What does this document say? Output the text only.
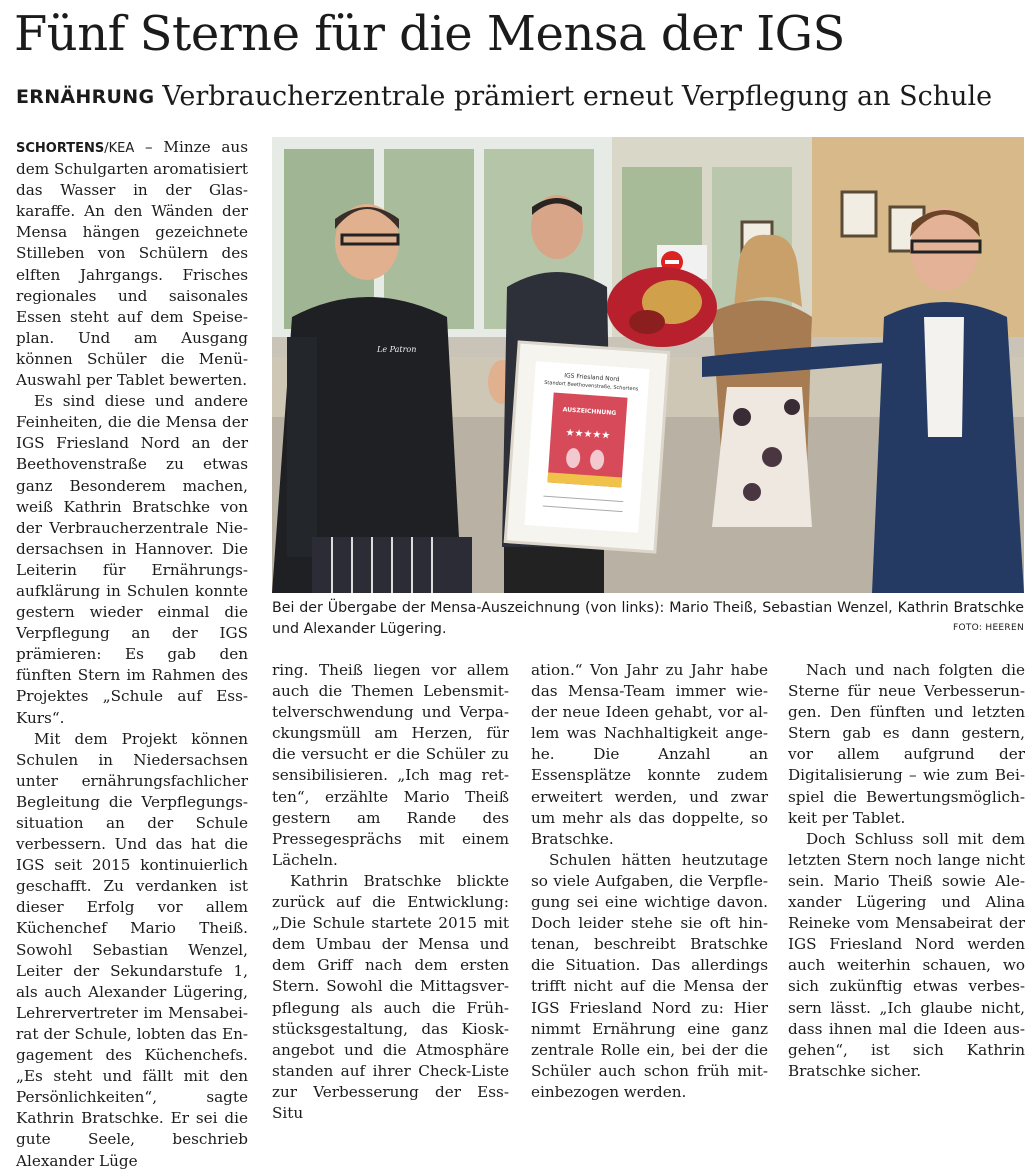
Fünf Sterne für die Mensa der IGS
ERNÄHRUNG Verbraucherzentrale prämiert erneut Verpflegung an Schule

SCHORTENS/KEA – Minze aus dem Schulgarten aromatisiert das Wasser in der Glaskaraffe. An den Wänden der Mensa hängen gezeichnete Stilleben von Schülern des elften Jahrgangs. Frisches regionales und saisonales Essen steht auf dem Speiseplan. Und am Ausgang können Schüler die Menü-Auswahl per Tablet bewerten.

Es sind diese und andere Feinheiten, die die Mensa der IGS Friesland Nord an der Beethovenstraße zu etwas ganz Besonderem machen, weiß Kathrin Bratschke von der Verbraucherzentrale Niedersachsen in Hannover. Die Leiterin für Ernährungsaufklärung in Schulen konnte gestern wieder einmal die Verpflegung an der IGS prämieren: Es gab den fünften Stern im Rahmen des Projektes „Schule auf Ess-Kurs“.

Mit dem Projekt können Schulen in Niedersachsen unter ernährungsfachlicher Begleitung die Verpflegungssituation an der Schule verbessern. Und das hat die IGS seit 2015 kontinuierlich geschafft. Zu verdanken ist dieser Erfolg vor allem Küchenchef Mario Theiß. Sowohl Sebastian Wenzel, Leiter der Sekundarstufe 1, als auch Alexander Lügering, Lehrervertreter im Mensabeirat der Schule, lobten das Engagement des Küchenchefs. „Es steht und fällt mit den Persönlichkeiten“, sagte Kathrin Bratschke. Er sei die gute Seele, beschrieb Alexander Lüge

Le Patron
IGS Friesland Nord
Standort Beethovenstraße, Schortens
AUSZEICHNUNG
★★★★★
Bei der Übergabe der Mensa-Auszeichnung (von links): Mario Theiß, Sebastian Wenzel, Kathrin Bratschke und Alexander Lügering.	FOTO: HEEREN

ring. Theiß liegen vor allem auch die Themen Lebensmittelverschwendung und Verpackungsmüll am Herzen, für die versucht er die Schüler zu sensibilisieren. „Ich mag retten“, erzählte Mario Theiß gestern am Rande des Pressegesprächs mit einem Lächeln.

Kathrin Bratschke blickte zurück auf die Entwicklung: „Die Schule startete 2015 mit dem Umbau der Mensa und dem Griff nach dem ersten Stern. Sowohl die Mittagsverpflegung als auch die Frühstücksgestaltung, das Kioskangebot und die Atmosphäre standen auf ihrer Check-Liste zur Verbesserung der Ess-Situ

ation.“ Von Jahr zu Jahr habe das Mensa-Team immer wieder neue Ideen gehabt, vor allem was Nachhaltigkeit angehe. Die Anzahl an Essensplätze konnte zudem erweitert werden, und zwar um mehr als das doppelte, so Bratschke.

Schulen hätten heutzutage so viele Aufgaben, die Verpflegung sei eine wichtige davon. Doch leider stehe sie oft hintenan, beschreibt Bratschke die Situation. Das allerdings trifft nicht auf die Mensa der IGS Friesland Nord zu: Hier nimmt Ernährung eine ganz zentrale Rolle ein, bei der die Schüler auch schon früh miteinbezogen werden.

Nach und nach folgten die Sterne für neue Verbesserungen. Den fünften und letzten Stern gab es dann gestern, vor allem aufgrund der Digitalisierung – wie zum Beispiel die Bewertungsmöglichkeit per Tablet.

Doch Schluss soll mit dem letzten Stern noch lange nicht sein. Mario Theiß sowie Alexander Lügering und Alina Reineke vom Mensabeirat der IGS Friesland Nord werden auch weiterhin schauen, wo sich zukünftig etwas verbessern lässt. „Ich glaube nicht, dass ihnen mal die Ideen ausgehen“, ist sich Kathrin Bratschke sicher.
